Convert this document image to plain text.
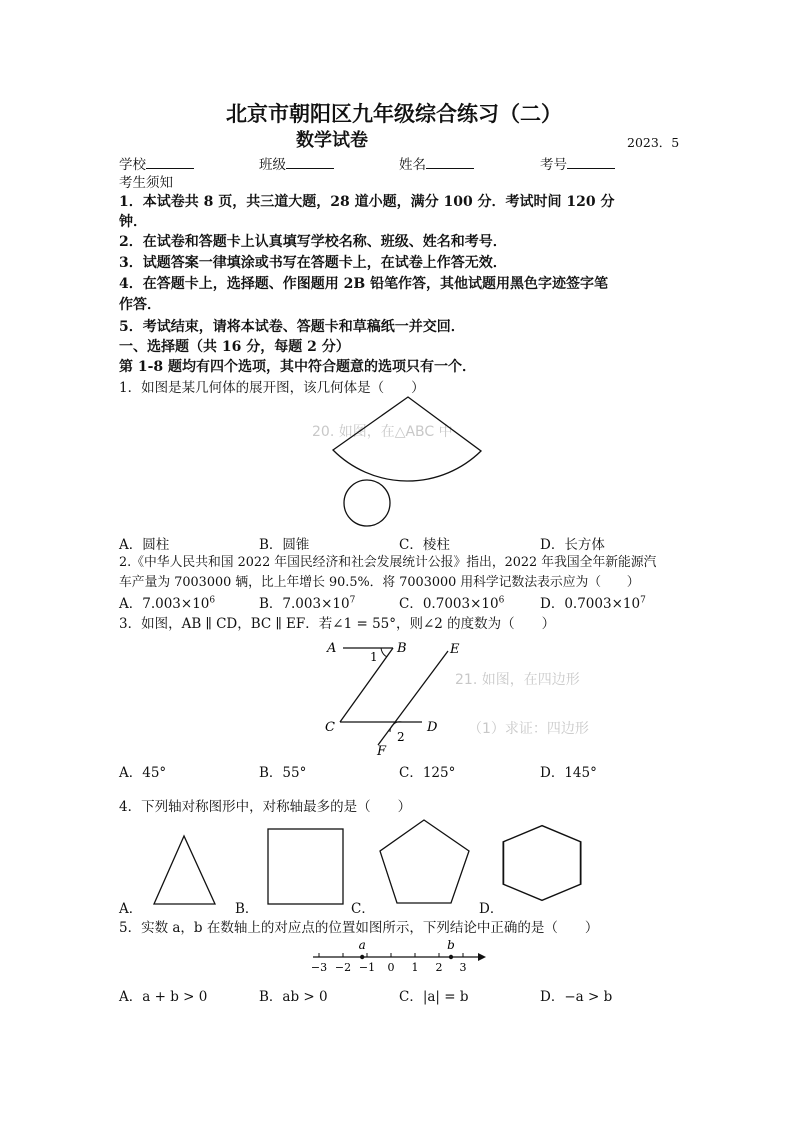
北京市朝阳区九年级综合练习（二）
数学试卷	2023．5
学校	班级	姓名	考号
考生须知
1．本试卷共 8 页，共三道大题，28 道小题，满分 100 分．考试时间 120 分
钟．
2．在试卷和答题卡上认真填写学校名称、班级、姓名和考号．
3．试题答案一律填涂或书写在答题卡上，在试卷上作答无效．
4．在答题卡上，选择题、作图题用 2B 铅笔作答，其他试题用黑色字迹签字笔
作答．
5．考试结束，请将本试卷、答题卡和草稿纸一并交回．
一、选择题（共 16 分，每题 2 分）
第 1-8 题均有四个选项，其中符合题意的选项只有一个．
1．如图是某几何体的展开图，该几何体是（　　）
20. 如图，在△ABC 中
A．圆柱	B．圆锥	C．棱柱	D．长方体
2.《中华人民共和国 2022 年国民经济和社会发展统计公报》指出，2022 年我国全年新能源汽
车产量为 7003000 辆，比上年增长 90.5%．将 7003000 用科学记数法表示应为（　　）
A．$7.003\times 10^6$	B．$7.003\times 10^7$	C．$0.7003\times 10^6$	D．$0.7003\times 10^7$
3．如图，AB ∥ CD，BC ∥ EF．若∠1 = 55°，则∠2 的度数为（　　）
21. 如图，在四边形
（1）求证：四边形
A	B	E
C	D
F
1
2
A．45°	B．55°	C．125°	D．145°
4．下列轴对称图形中，对称轴最多的是（　　）
A．	B．	C．	D．
5．实数 a，b 在数轴上的对应点的位置如图所示，下列结论中正确的是（　　）
−3 −2 −1 0 1 2 3
a	b
A．a + b > 0	B．ab > 0	C．|a| = b	D．−a > b
